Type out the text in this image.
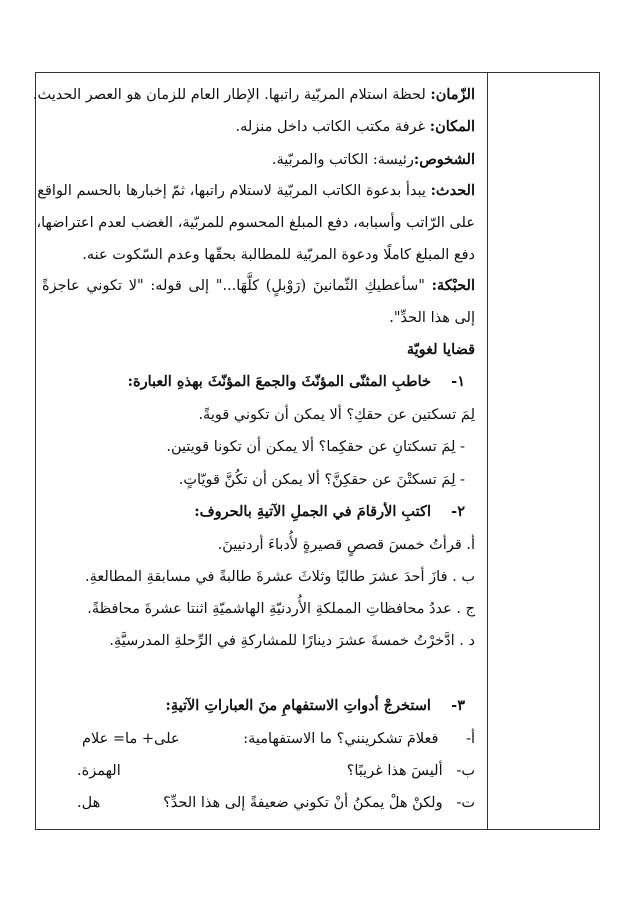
الزّمان: لحظة استلام المربّية راتبها. الإطار العام للزمان هو العصر الحديث.
المكان: غرفة مكتب الكاتب داخل منزله.
الشخوص:رئيسة: الكاتب والمربّية.
الحدث: يبدأ بدعوة الكاتب المربّية لاستلام راتبها، ثمّ إخبارها بالحسم الواقع
على الرّاتب وأسبابه، دفع المبلغ المحسوم للمربّية، الغضب لعدم اعتراضها،
دفع المبلغ كاملًا ودعوة المربّية للمطالبة بحقّها وعدم السّكوت عنه.
الحبْكة: "سأعطيكِ الثّمانينَ (رَوْبلٍ) كلَّهَا..." إلى قوله: "لا تكوني عاجزةً
إلى هذا الحدِّ".
قضايا لغويّة
١-    خاطبِ المثنّى المؤنّثَ والجمعَ المؤنّثَ بهذهِ العبارة:
لِمَ تسكتين عن حقكِ؟ ألا يمكن أن تكوني قويةً.
- لِمَ تسكتانِ عن حقكِما؟ ألا يمكن أن تكونا قويتين.
- لِمَ تسكتْنَ عن حقكِنَّ؟ ألا يمكن أن تكُنَّ قويّاتٍ.
٢-    اكتبِ الأرقامَ في الجملِ الآتيةِ بالحروف:
أ. قرأتُ خمسَ قصصٍ قصيرةٍ لأُدباءَ أردنيينَ.
ب . فازَ أحدَ عشرَ طالبًا وثلاثَ عشرةَ طالبةً في مسابقةِ المطالعةِ.
ج . عددُ محافظاتِ المملكةِ الأُردنيّةِ الهاشميّةِ اثنتا عشرةَ محافظةً.
د . ادَّخرْتُ خمسةَ عشرَ دينارًا للمشاركةِ في الرِّحلةِ المدرسيَّةِ.
٣-    استخرجْ أدواتِ الاستفهامِ منَ العباراتِ الآتيةِ:
أ-      فعلامَ تشكرينني؟ ما الاستفهامية:
على+ ما= علام
ب-   أليسَ هذا غريبًا؟
الهمزة.
ت-   ولكنْ هلْ يمكنُ أنْ تكوني ضعيفةً إلى هذا الحدِّ؟
هل.
